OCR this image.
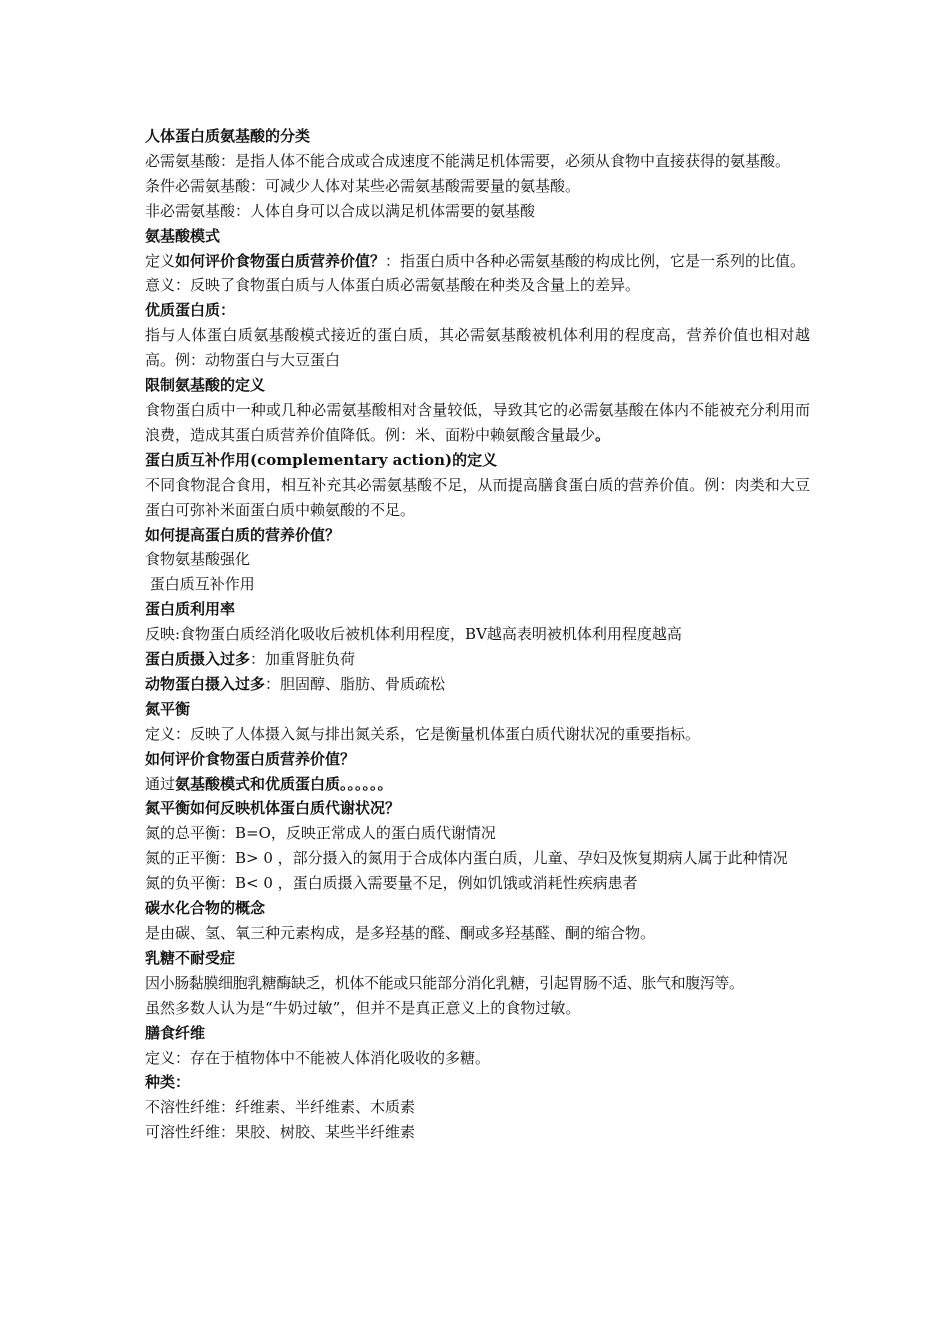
人体蛋白质氨基酸的分类
必需氨基酸：是指人体不能合成或合成速度不能满足机体需要，必须从食物中直接获得的氨基酸。
条件必需氨基酸：可减少人体对某些必需氨基酸需要量的氨基酸。
非必需氨基酸：人体自身可以合成以满足机体需要的氨基酸
氨基酸模式
定义如何评价食物蛋白质营养价值？：指蛋白质中各种必需氨基酸的构成比例，它是一系列的比值。
意义：反映了食物蛋白质与人体蛋白质必需氨基酸在种类及含量上的差异。
优质蛋白质：
指与人体蛋白质氨基酸模式接近的蛋白质，其必需氨基酸被机体利用的程度高，营养价值也相对越高。例：动物蛋白与大豆蛋白
限制氨基酸的定义
食物蛋白质中一种或几种必需氨基酸相对含量较低，导致其它的必需氨基酸在体内不能被充分利用而浪费，造成其蛋白质营养价值降低。例：米、面粉中赖氨酸含量最少。
蛋白质互补作用(complementary action)的定义
不同食物混合食用，相互补充其必需氨基酸不足，从而提高膳食蛋白质的营养价值。例：肉类和大豆蛋白可弥补米面蛋白质中赖氨酸的不足。
如何提高蛋白质的营养价值？
食物氨基酸强化
蛋白质互补作用
蛋白质利用率
反映:食物蛋白质经消化吸收后被机体利用程度，BV越高表明被机体利用程度越高
蛋白质摄入过多：加重肾脏负荷
动物蛋白摄入过多：胆固醇、脂肪、骨质疏松
氮平衡
定义：反映了人体摄入氮与排出氮关系，它是衡量机体蛋白质代谢状况的重要指标。
如何评价食物蛋白质营养价值？
通过氨基酸模式和优质蛋白质。。。。。。
氮平衡如何反映机体蛋白质代谢状况？
氮的总平衡：B=O，反映正常成人的蛋白质代谢情况
氮的正平衡：B> 0 ，部分摄入的氮用于合成体内蛋白质，儿童、孕妇及恢复期病人属于此种情况
氮的负平衡：B< 0 ，蛋白质摄入需要量不足，例如饥饿或消耗性疾病患者
碳水化合物的概念
是由碳、氢、氧三种元素构成，是多羟基的醛、酮或多羟基醛、酮的缩合物。
乳糖不耐受症
因小肠黏膜细胞乳糖酶缺乏，机体不能或只能部分消化乳糖，引起胃肠不适、胀气和腹泻等。
虽然多数人认为是“牛奶过敏”，但并不是真正意义上的食物过敏。
膳食纤维
定义：存在于植物体中不能被人体消化吸收的多糖。
种类：
不溶性纤维：纤维素、半纤维素、木质素
可溶性纤维：果胶、树胶、某些半纤维素
